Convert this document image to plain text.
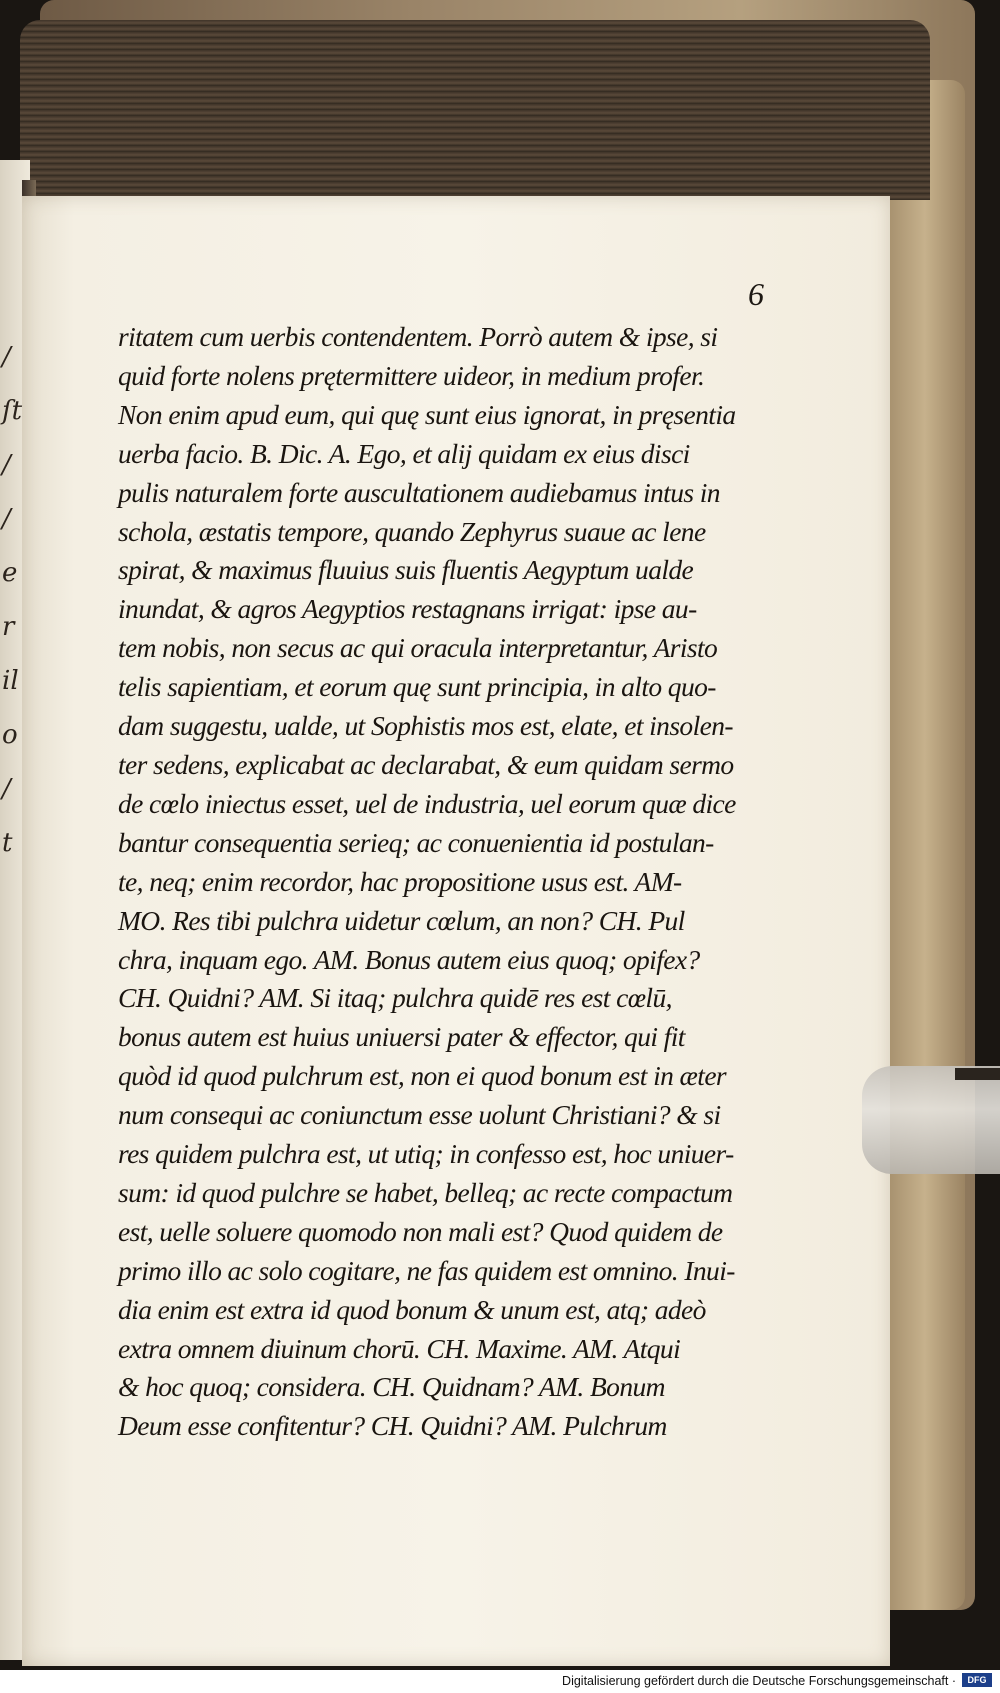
/
ſt
/
/
e
r
il
o
/
t
6
ritatem cum uerbis contendentem. Porrò autem & ipse, si
quid forte nolens prętermittere uideor, in medium profer.
Non enim apud eum, qui quę sunt eius ignorat, in pręsentia
uerba facio. B. Dic. A. Ego, et alij quidam ex eius disci
pulis naturalem forte auscultationem audiebamus intus in
schola, æstatis tempore, quando Zephyrus suaue ac lene
spirat, & maximus fluuius suis fluentis Aegyptum ualde
inundat, & agros Aegyptios restagnans irrigat: ipse au-
tem nobis, non secus ac qui oracula interpretantur, Aristo
telis sapientiam, et eorum quę sunt principia, in alto quo-
dam suggestu, ualde, ut Sophistis mos est, elate, et insolen-
ter sedens, explicabat ac declarabat, & eum quidam sermo
de cœlo iniectus esset, uel de industria, uel eorum quæ dice
bantur consequentia serieq; ac conuenientia id postulan-
te, neq; enim recordor, hac propositione usus est. AM-
MO. Res tibi pulchra uidetur cœlum, an non? CH. Pul
chra, inquam ego. AM. Bonus autem eius quoq; opifex?
CH. Quidni? AM. Si itaq; pulchra quidē res est cœlū,
bonus autem est huius uniuersi pater & effector, qui fit
quòd id quod pulchrum est, non ei quod bonum est in æter
num consequi ac coniunctum esse uolunt Christiani? & si
res quidem pulchra est, ut utiq; in confesso est, hoc uniuer-
sum: id quod pulchre se habet, belleq; ac recte compactum
est, uelle soluere quomodo non mali est? Quod quidem de
primo illo ac solo cogitare, ne fas quidem est omnino. Inui-
dia enim est extra id quod bonum & unum est, atq; adeò
extra omnem diuinum chorū. CH. Maxime. AM. Atqui
& hoc quoq; considera. CH. Quidnam? AM. Bonum
Deum esse confitentur? CH. Quidni? AM. Pulchrum
Digitalisierung gefördert durch die Deutsche Forschungsgemeinschaft ·	DFG
